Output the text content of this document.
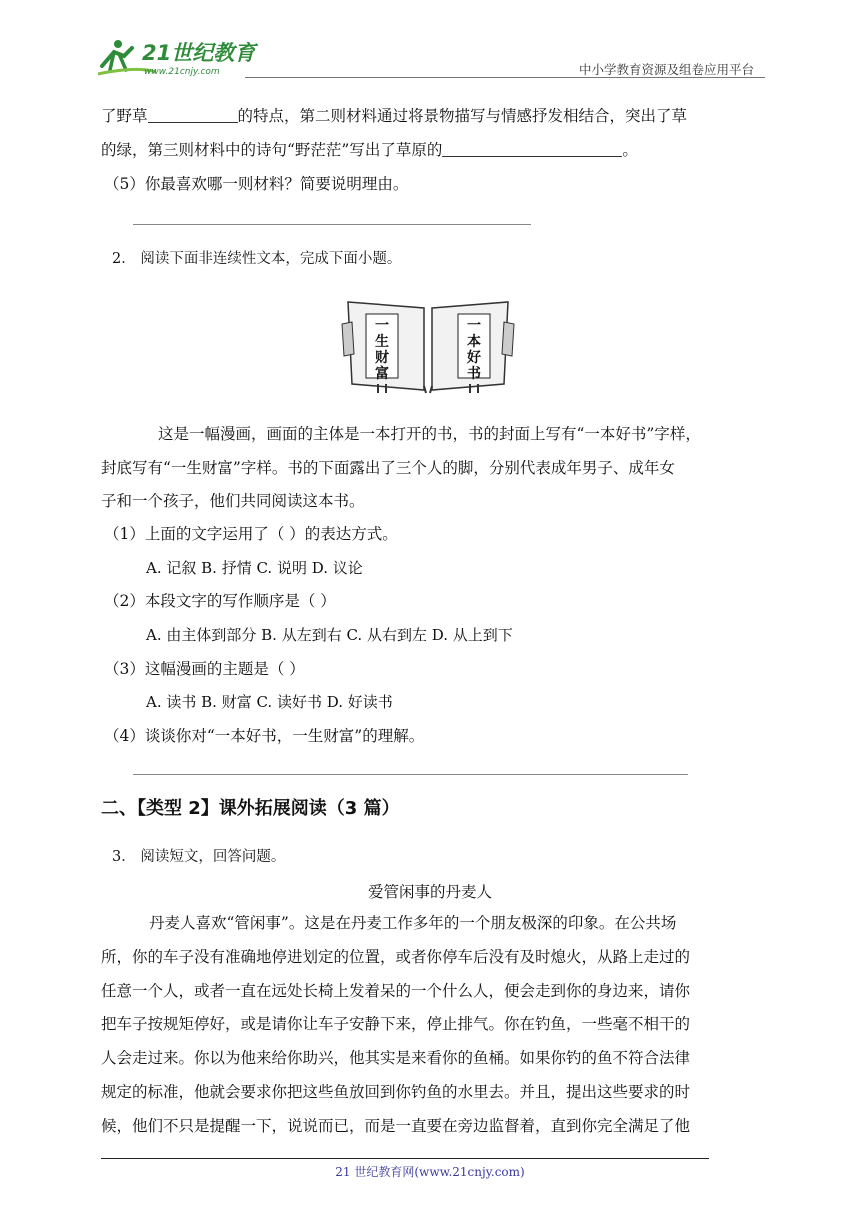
21世纪教育
www.21cnjy.com	中小学教育资源及组卷应用平台
了野草	的特点，第二则材料通过将景物描写与情感抒发相结合，突出了草
的绿，第三则材料中的诗句“野茫茫”写出了草原的	。
（5）你最喜欢哪一则材料？简要说明理由。
2． 阅读下面非连续性文本，完成下面小题。
一
生
财
富
一
本
好
书
这是一幅漫画，画面的主体是一本打开的书，书的封面上写有“一本好书”字样，
封底写有“一生财富”字样。书的下面露出了三个人的脚，分别代表成年男子、成年女
子和一个孩子，他们共同阅读这本书。
（1）上面的文字运用了（ ）的表达方式。
A. 记叙 B. 抒情 C. 说明 D. 议论
（2）本段文字的写作顺序是（ ）
A. 由主体到部分 B. 从左到右 C. 从右到左 D. 从上到下
（3）这幅漫画的主题是（ ）
A. 读书 B. 财富 C. 读好书 D. 好读书
（4）谈谈你对“一本好书，一生财富”的理解。
二、【类型 2】课外拓展阅读（3 篇）
3． 阅读短文，回答问题。
爱管闲事的丹麦人
丹麦人喜欢“管闲事”。这是在丹麦工作多年的一个朋友极深的印象。在公共场
所，你的车子没有准确地停进划定的位置，或者你停车后没有及时熄火，从路上走过的
任意一个人，或者一直在远处长椅上发着呆的一个什么人，便会走到你的身边来，请你
把车子按规矩停好，或是请你让车子安静下来，停止排气。你在钓鱼，一些毫不相干的
人会走过来。你以为他来给你助兴，他其实是来看你的鱼桶。如果你钓的鱼不符合法律
规定的标准，他就会要求你把这些鱼放回到你钓鱼的水里去。并且，提出这些要求的时
候，他们不只是提醒一下，说说而已，而是一直要在旁边监督着，直到你完全满足了他
21 世纪教育网(www.21cnjy.com)
